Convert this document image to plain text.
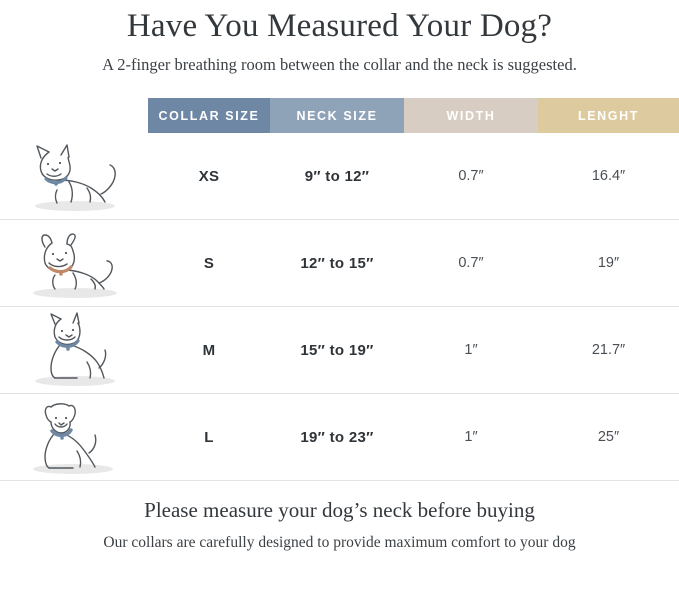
Have You Measured Your Dog?

A 2-finger breathing room between the collar and the neck is suggested.

	COLLAR SIZE	NECK SIZE	WIDTH	LENGHT

	XS	9″ to 12″	0.7″	16.4″

	S	12″ to 15″	0.7″	19″

	M	15″ to 19″	1″	21.7″

	L	19″ to 23″	1″	25″
Please measure your dog’s neck before buying
Our collars are carefully designed to provide maximum comfort to your dog
